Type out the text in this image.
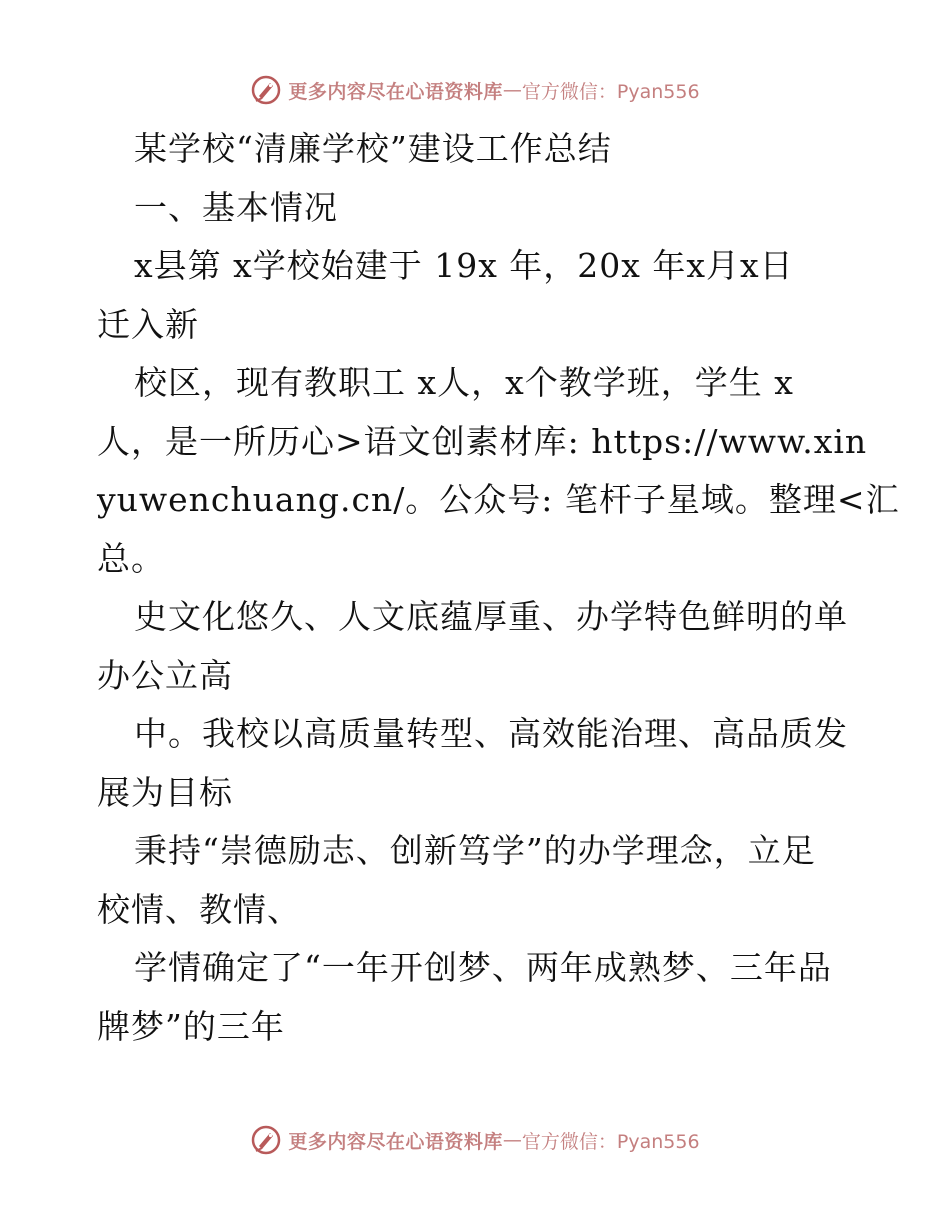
更多内容尽在心语资料库 — 官方微信：Pyan556
某学校“清廉学校”建设工作总结
一、基本情况
x县第 x学校始建于 19x 年，20x 年x月x日
迁入新
校区，现有教职工 x人，x个教学班，学生 x
人，是一所历心>语文创素材库: https://www.xin
yuwenchuang.cn/。公众号: 笔杆子星域。整理<汇
总。
史文化悠久、人文底蕴厚重、办学特色鲜明的单
办公立高
中。我校以高质量转型、高效能治理、高品质发
展为目标
秉持“崇德励志、创新笃学”的办学理念，立足
校情、教情、
学情确定了“一年开创梦、两年成熟梦、三年品
牌梦”的三年
更多内容尽在心语资料库 — 官方微信：Pyan556
